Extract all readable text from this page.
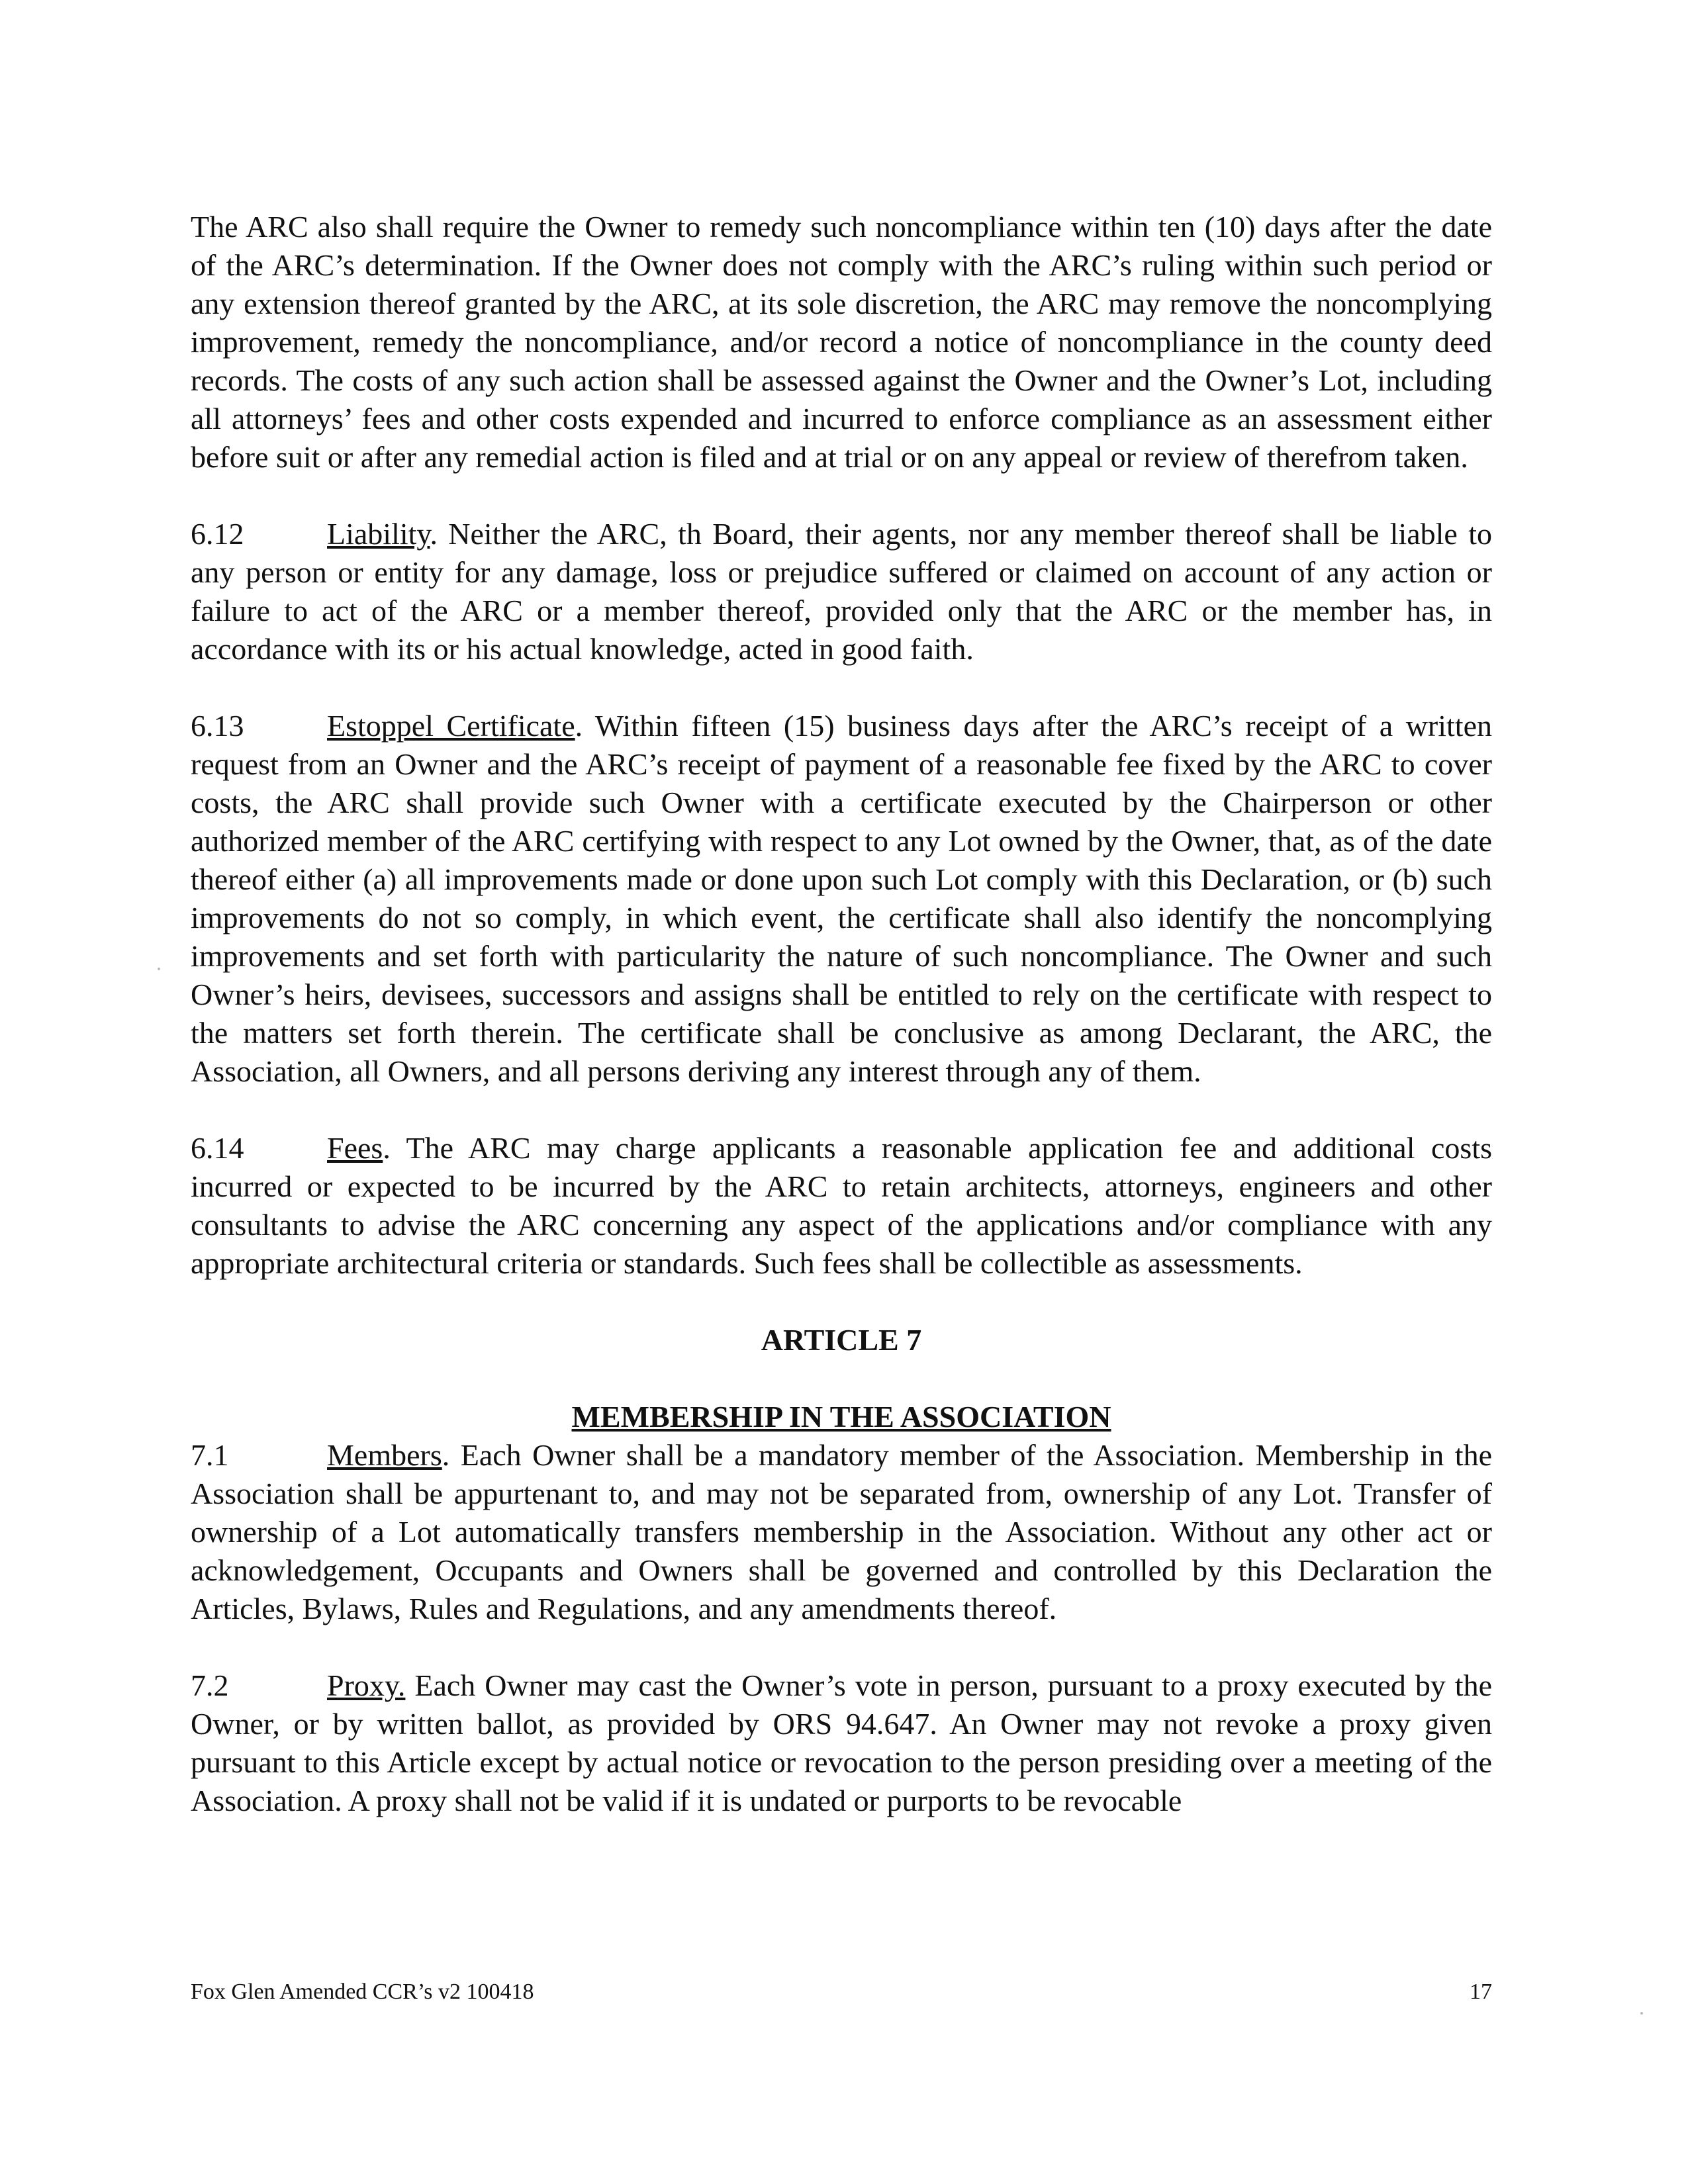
The ARC also shall require the Owner to remedy such noncompliance within ten (10) days after the date of the ARC’s determination. If the Owner does not comply with the ARC’s ruling within such period or any extension thereof granted by the ARC, at its sole discretion, the ARC may remove the noncomplying improvement, remedy the noncompliance, and/or record a notice of noncompliance in the county deed records. The costs of any such action shall be assessed against the Owner and the Owner’s Lot, including all attorneys’ fees and other costs expended and incurred to enforce compliance as an assessment either before suit or after any remedial action is filed and at trial or on any appeal or review of therefrom taken.

6.12	Liability. Neither the ARC, th Board, their agents, nor any member thereof shall be liable to any person or entity for any damage, loss or prejudice suffered or claimed on account of any action or failure to act of the ARC or a member thereof, provided only that the ARC or the member has, in accordance with its or his actual knowledge, acted in good faith.

6.13	Estoppel Certificate. Within fifteen (15) business days after the ARC’s receipt of a written request from an Owner and the ARC’s receipt of payment of a reasonable fee fixed by the ARC to cover costs, the ARC shall provide such Owner with a certificate executed by the Chairperson or other authorized member of the ARC certifying with respect to any Lot owned by the Owner, that, as of the date thereof either (a) all improvements made or done upon such Lot comply with this Declaration, or (b) such improvements do not so comply, in which event, the certificate shall also identify the noncomplying improvements and set forth with particularity the nature of such noncompliance. The Owner and such Owner’s heirs, devisees, successors and assigns shall be entitled to rely on the certificate with respect to the matters set forth therein. The certificate shall be conclusive as among Declarant, the ARC, the Association, all Owners, and all persons deriving any interest through any of them.

6.14	Fees. The ARC may charge applicants a reasonable application fee and additional costs incurred or expected to be incurred by the ARC to retain architects, attorneys, engineers and other consultants to advise the ARC concerning any aspect of the applications and/or compliance with any appropriate architectural criteria or standards. Such fees shall be collectible as assessments.

ARTICLE 7
MEMBERSHIP IN THE ASSOCIATION

7.1	Members. Each Owner shall be a mandatory member of the Association. Membership in the Association shall be appurtenant to, and may not be separated from, ownership of any Lot. Transfer of ownership of a Lot automatically transfers membership in the Association. Without any other act or acknowledgement, Occupants and Owners shall be governed and controlled by this Declaration the Articles, Bylaws, Rules and Regulations, and any amendments thereof.

7.2	Proxy. Each Owner may cast the Owner’s vote in person, pursuant to a proxy executed by the Owner, or by written ballot, as provided by ORS 94.647. An Owner may not revoke a proxy given pursuant to this Article except by actual notice or revocation to the person presiding over a meeting of the Association. A proxy shall not be valid if it is undated or purports to be revocable

Fox Glen Amended CCR’s v2 100418	17
